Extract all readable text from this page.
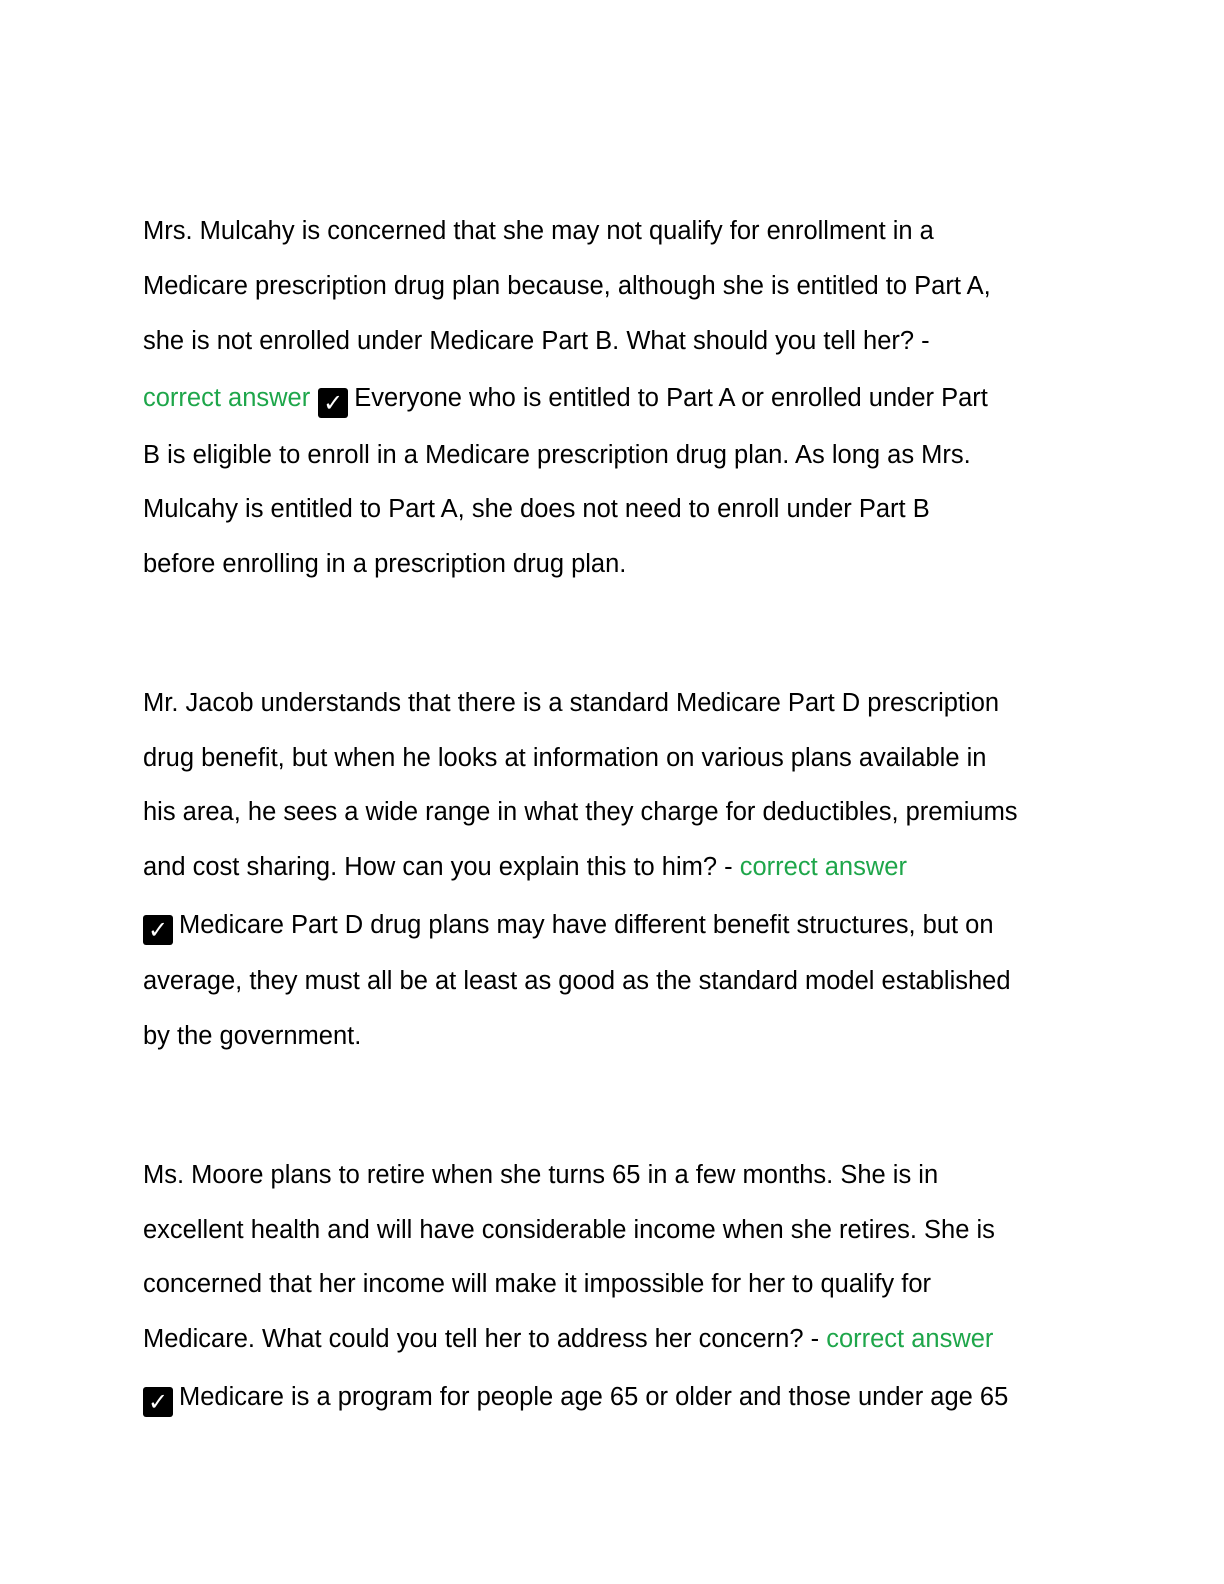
Mrs. Mulcahy is concerned that she may not qualify for enrollment in a
Medicare prescription drug plan because, although she is entitled to Part A,
she is not enrolled under Medicare Part B. What should you tell her? -
correct answer ✓ Everyone who is entitled to Part A or enrolled under Part
B is eligible to enroll in a Medicare prescription drug plan. As long as Mrs.
Mulcahy is entitled to Part A, she does not need to enroll under Part B
before enrolling in a prescription drug plan.
Mr. Jacob understands that there is a standard Medicare Part D prescription
drug benefit, but when he looks at information on various plans available in
his area, he sees a wide range in what they charge for deductibles, premiums
and cost sharing. How can you explain this to him? - correct answer
✓ Medicare Part D drug plans may have different benefit structures, but on
average, they must all be at least as good as the standard model established
by the government.
Ms. Moore plans to retire when she turns 65 in a few months. She is in
excellent health and will have considerable income when she retires. She is
concerned that her income will make it impossible for her to qualify for
Medicare. What could you tell her to address her concern? - correct answer
✓ Medicare is a program for people age 65 or older and those under age 65
